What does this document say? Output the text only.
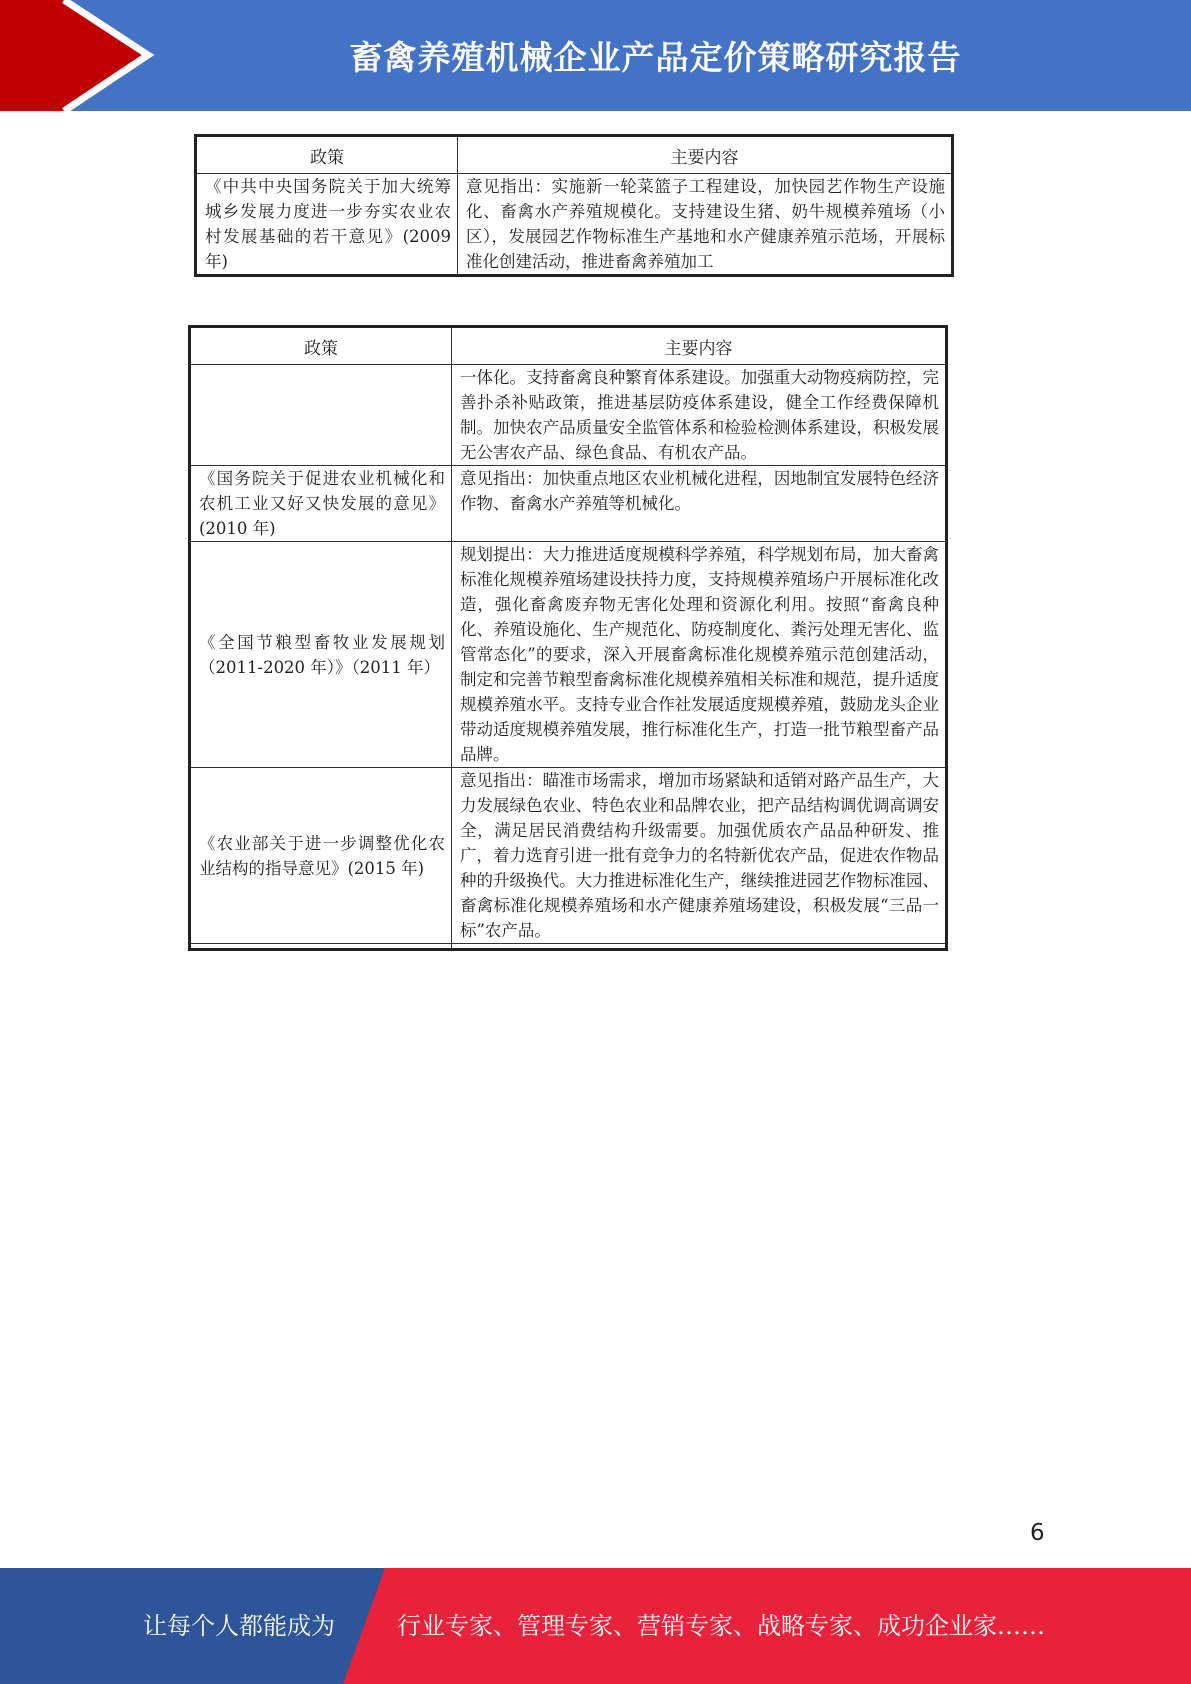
畜禽养殖机械企业产品定价策略研究报告
政策	主要内容
《中共中央国务院关于加大统筹城乡发展力度进一步夯实农业农村发展基础的若干意见》(2009 年)	意见指出：实施新一轮菜篮子工程建设，加快园艺作物生产设施化、畜禽水产养殖规模化。支持建设生猪、奶牛规模养殖场（小区），发展园艺作物标准生产基地和水产健康养殖示范场，开展标准化创建活动，推进畜禽养殖加工
政策	主要内容
	一体化。支持畜禽良种繁育体系建设。加强重大动物疫病防控，完善扑杀补贴政策，推进基层防疫体系建设，健全工作经费保障机制。加快农产品质量安全监管体系和检验检测体系建设，积极发展无公害农产品、绿色食品、有机农产品。
《国务院关于促进农业机械化和农机工业又好又快发展的意见》(2010 年)	意见指出：加快重点地区农业机械化进程，因地制宜发展特色经济作物、畜禽水产养殖等机械化。
《全国节粮型畜牧业发展规划（2011-2020 年）》（2011 年）	规划提出：大力推进适度规模科学养殖，科学规划布局，加大畜禽标准化规模养殖场建设扶持力度，支持规模养殖场户开展标准化改造，强化畜禽废弃物无害化处理和资源化利用。按照“畜禽良种化、养殖设施化、生产规范化、防疫制度化、粪污处理无害化、监管常态化”的要求，深入开展畜禽标准化规模养殖示范创建活动，制定和完善节粮型畜禽标准化规模养殖相关标准和规范，提升适度规模养殖水平。支持专业合作社发展适度规模养殖，鼓励龙头企业带动适度规模养殖发展，推行标准化生产，打造一批节粮型畜产品品牌。
《农业部关于进一步调整优化农业结构的指导意见》(2015 年)	意见指出：瞄准市场需求，增加市场紧缺和适销对路产品生产，大力发展绿色农业、特色农业和品牌农业，把产品结构调优调高调安全，满足居民消费结构升级需要。加强优质农产品品种研发、推广，着力选育引进一批有竞争力的名特新优农产品，促进农作物品种的升级换代。大力推进标准化生产，继续推进园艺作物标准园、畜禽标准化规模养殖场和水产健康养殖场建设，积极发展“三品一标”农产品。

6
让每个人都能成为	行业专家、管理专家、营销专家、战略专家、成功企业家……
